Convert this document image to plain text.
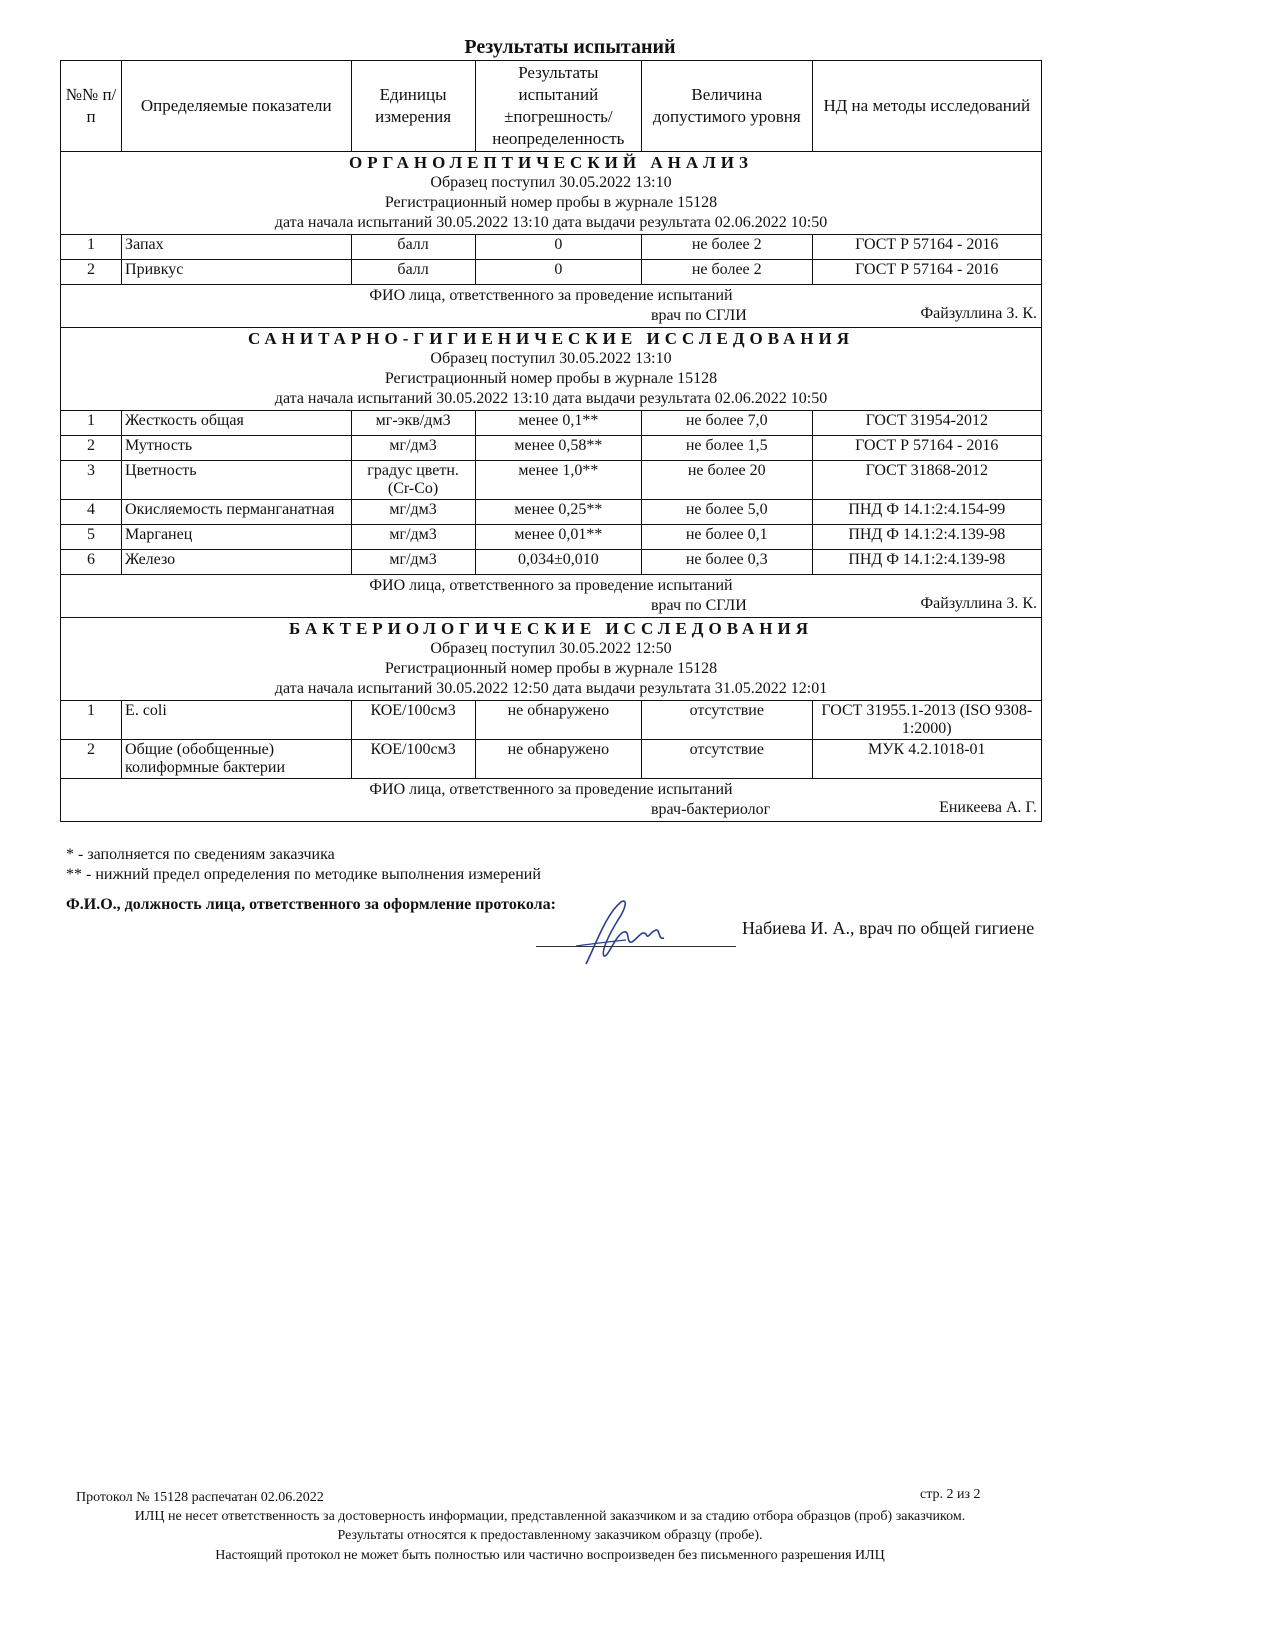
Результаты испытаний
№№ п/п	Определяемые показатели	Единицы измерения	Результаты испытаний ±погрешность/ неопределенность	Величина допустимого уровня	НД на методы исследований

ОРГАНОЛЕПТИЧЕСКИЙ АНАЛИЗ
Образец поступил 30.05.2022 13:10
Регистрационный номер пробы в журнале 15128
дата начала испытаний 30.05.2022 13:10 дата выдачи результата 02.06.2022 10:50					

1	Запах	балл	0	не более 2	ГОСТ Р 57164 - 2016
2	Привкус	балл	0	не более 2	ГОСТ Р 57164 - 2016

ФИО лица, ответственного за проведение испытаний
врач по СГЛИ Файзуллина З. К.					

САНИТАРНО-ГИГИЕНИЧЕСКИЕ ИССЛЕДОВАНИЯ
Образец поступил 30.05.2022 13:10
Регистрационный номер пробы в журнале 15128
дата начала испытаний 30.05.2022 13:10 дата выдачи результата 02.06.2022 10:50					

1	Жесткость общая	мг-экв/дм3	менее 0,1**	не более 7,0	ГОСТ 31954-2012
2	Мутность	мг/дм3	менее 0,58**	не более 1,5	ГОСТ Р 57164 - 2016
3	Цветность	градус цветн.(Cr-Co)	менее 1,0**	не более 20	ГОСТ 31868-2012
4	Окисляемость перманганатная	мг/дм3	менее 0,25**	не более 5,0	ПНД Ф 14.1:2:4.154-99
5	Марганец	мг/дм3	менее 0,01**	не более 0,1	ПНД Ф 14.1:2:4.139-98
6	Железо	мг/дм3	0,034±0,010	не более 0,3	ПНД Ф 14.1:2:4.139-98

ФИО лица, ответственного за проведение испытаний
врач по СГЛИ Файзуллина З. К.					

БАКТЕРИОЛОГИЧЕСКИЕ ИССЛЕДОВАНИЯ
Образец поступил 30.05.2022 12:50
Регистрационный номер пробы в журнале 15128
дата начала испытаний 30.05.2022 12:50 дата выдачи результата 31.05.2022 12:01					

1	E. coli	КОЕ/100см3	не обнаружено	отсутствие	ГОСТ 31955.1-2013 (ISO 9308-1:2000)
2	Общие (обобщенные) колиформные бактерии	КОЕ/100см3	не обнаружено	отсутствие	МУК 4.2.1018-01

ФИО лица, ответственного за проведение испытаний
врач-бактериолог Еникеева А. Г.					
* - заполняется по сведениям заказчика
** - нижний предел определения по методике выполнения измерений
Ф.И.О., должность лица, ответственного за оформление протокола:
Набиева И. А., врач по общей гигиене
Протокол № 15128 распечатан 02.06.2022	стр. 2 из 2
ИЛЦ не несет ответственность за достоверность информации, представленной заказчиком и за стадию отбора образцов (проб) заказчиком.
Результаты относятся к предоставленному заказчиком образцу (пробе).
Настоящий протокол не может быть полностью или частично воспроизведен без письменного разрешения ИЛЦ
